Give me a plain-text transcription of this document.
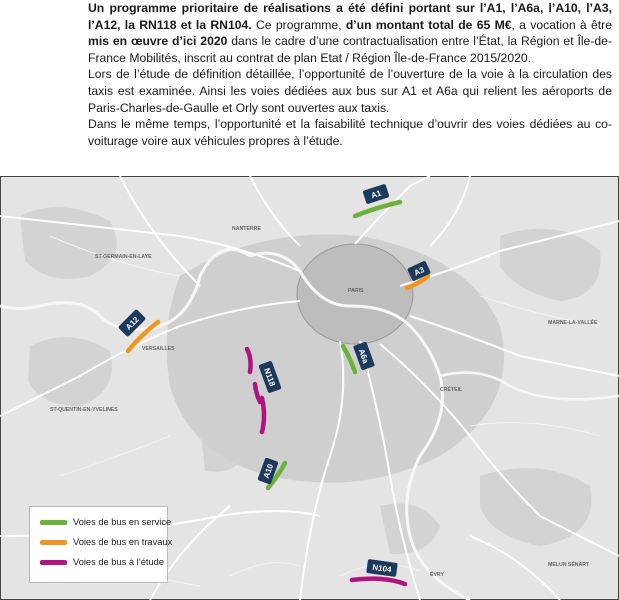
Un programme prioritaire de réalisations a été défini portant sur l’A1, l’A6a, l’A10, l’A3, l’A12, la RN118 et la RN104. Ce programme, d’un montant total de 65 M€, a vocation à être mis en œuvre d’ici 2020 dans le cadre d’une contractualisation entre l’État, la Région et Île-de-France Mobilités, inscrit au contrat de plan Etat / Région Île-de-France 2015/2020.

Lors de l’étude de définition détaillée, l’opportunité de l’ouverture de la voie à la circulation des taxis est examinée. Ainsi les voies dédiées aux bus sur A1 et A6a qui relient les aéroports de Paris-Charles-de-Gaulle et Orly sont ouvertes aux taxis.

Dans le même temps, l’opportunité et la faisabilité technique d’ouvrir des voies dédiées au co-voiturage voire aux véhicules propres à l’étude.

PARIS
NANTERRE
VERSAILLES
MARNE-LA-VALLÉE
ST-QUENTIN-EN-YVELINES
ST-GERMAIN-EN-LAYE
CRÉTEIL
ÉVRY
MELUN SÉNART
A1
A3
A12
A6a
N118
A10
N104
Voies de bus en service
Voies de bus en travaux
Voies de bus à l’étude
